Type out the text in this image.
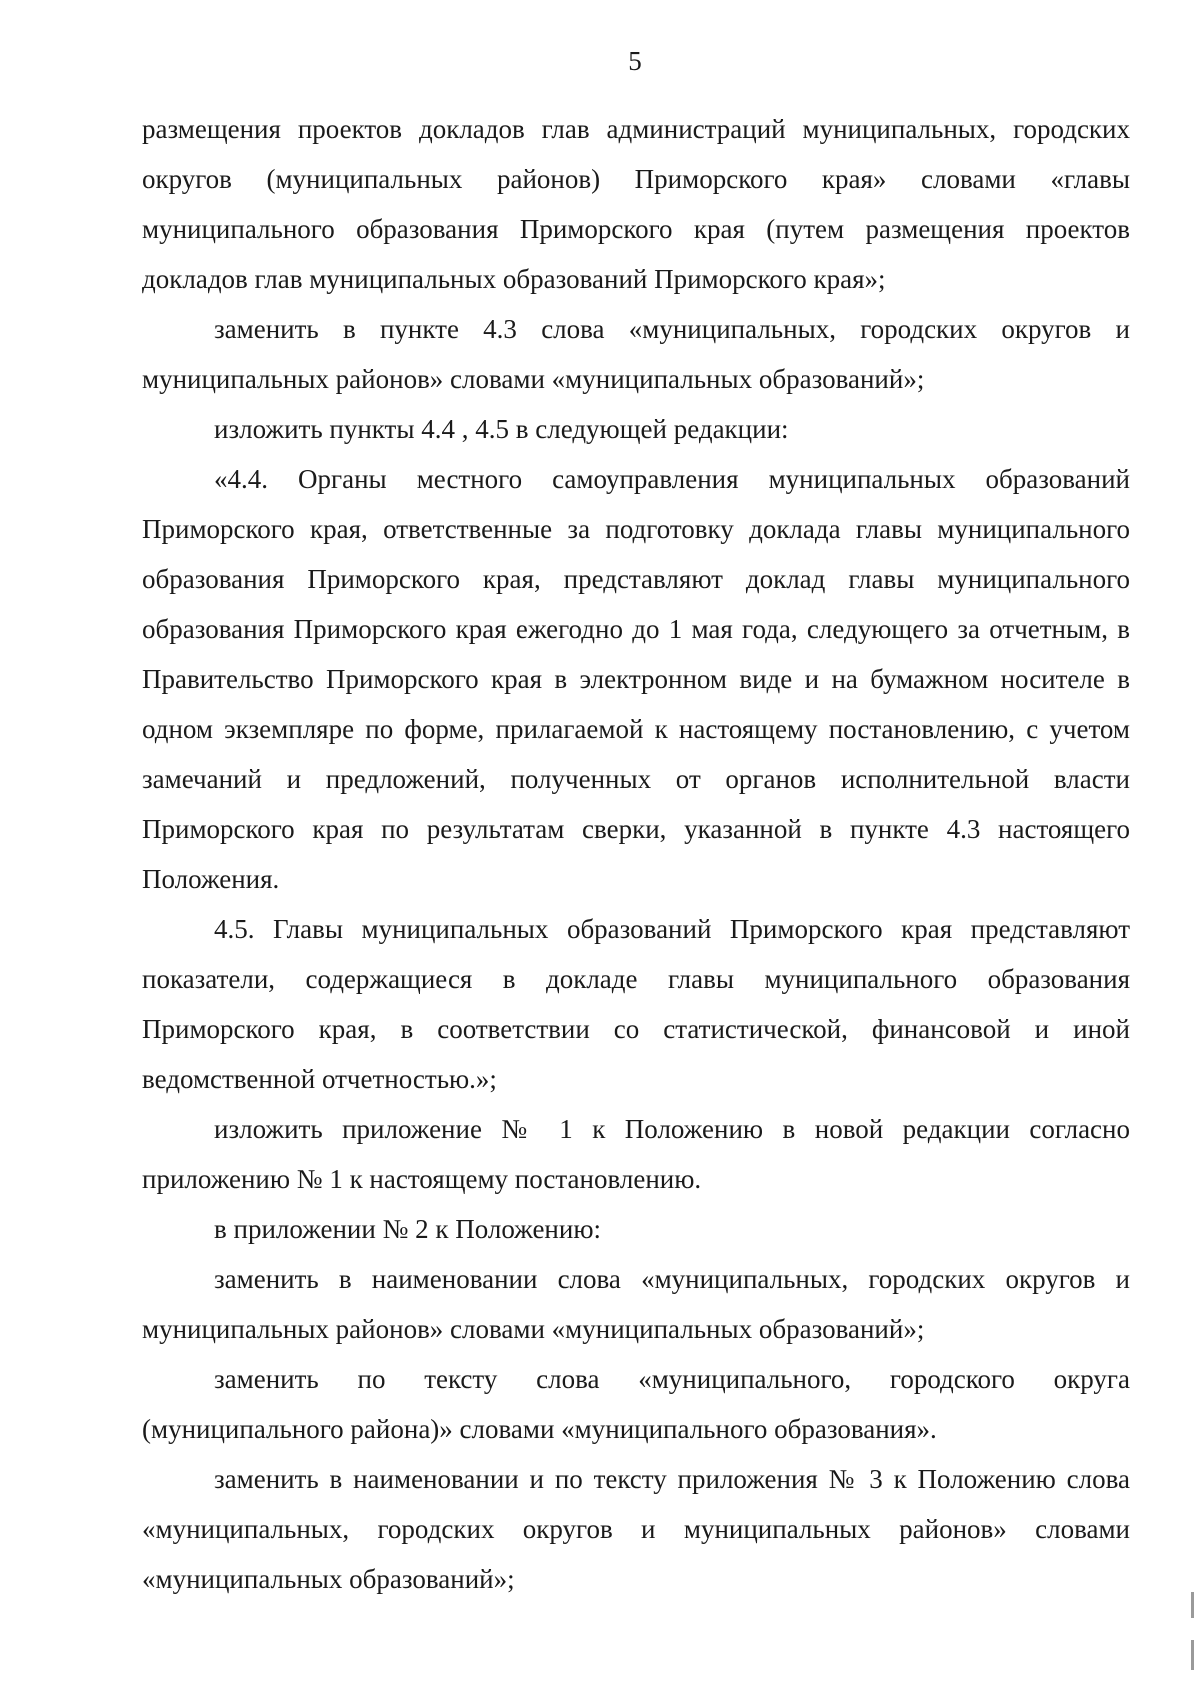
5

размещения проектов докладов глав администраций муниципальных, городских округов (муниципальных районов) Приморского края» словами «главы муниципального образования Приморского края (путем размещения проектов докладов глав муниципальных образований Приморского края»;

заменить в пункте 4.3 слова «муниципальных, городских округов и муниципальных районов» словами «муниципальных образований»;

изложить пункты 4.4 , 4.5 в следующей редакции:

«4.4. Органы местного самоуправления муниципальных образований Приморского края, ответственные за подготовку доклада главы муниципального образования Приморского края, представляют доклад главы муниципального образования Приморского края ежегодно до 1 мая года, следующего за отчетным, в Правительство Приморского края в электронном виде и на бумажном носителе в одном экземпляре по форме, прилагаемой к настоящему постановлению, с учетом замечаний и предложений, полученных от органов исполнительной власти Приморского края по результатам сверки, указанной в пункте 4.3 настоящего Положения.

4.5. Главы муниципальных образований Приморского края представляют показатели, содержащиеся в докладе главы муниципального образования Приморского края, в соответствии со статистической, финансовой и иной ведомственной отчетностью.»;

изложить приложение № 1 к Положению в новой редакции согласно приложению № 1 к настоящему постановлению.

в приложении № 2 к Положению:

заменить в наименовании слова «муниципальных, городских округов и муниципальных районов» словами «муниципальных образований»;

заменить по тексту слова «муниципального, городского округа (муниципального района)» словами «муниципального образования».

заменить в наименовании и по тексту приложения № 3 к Положению слова «муниципальных, городских округов и муниципальных районов» словами «муниципальных образований»;
